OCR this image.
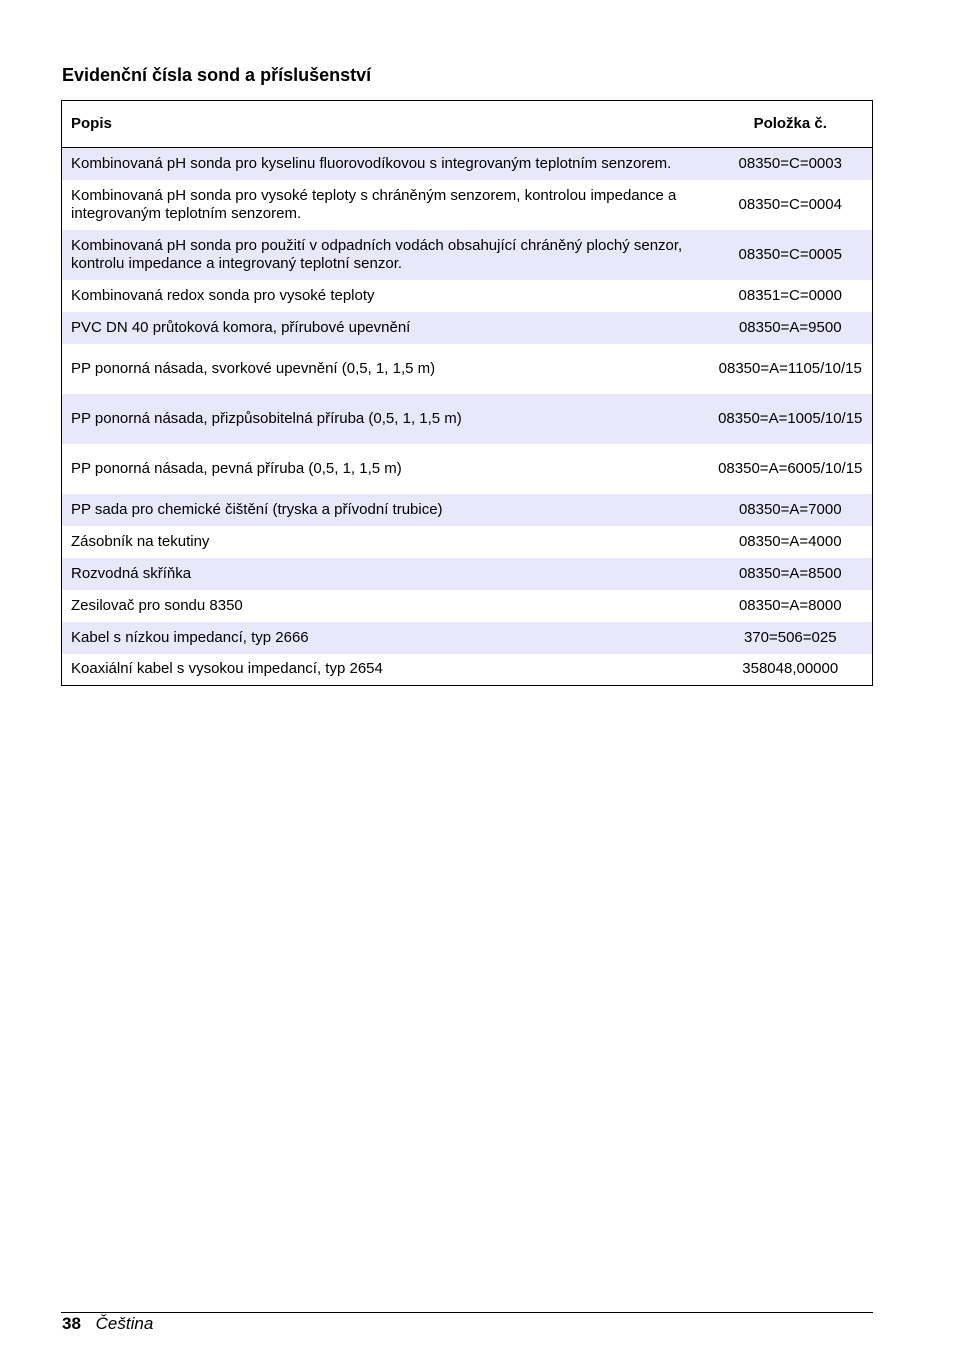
Evidenční čísla sond a příslušenství
Popis	Položka č.
Kombinovaná pH sonda pro kyselinu fluorovodíkovou s integrovaným teplotním senzorem.	08350=C=0003
Kombinovaná pH sonda pro vysoké teploty s chráněným senzorem, kontrolou impedance a integrovaným teplotním senzorem.	08350=C=0004
Kombinovaná pH sonda pro použití v odpadních vodách obsahující chráněný plochý senzor, kontrolu impedance a integrovaný teplotní senzor.	08350=C=0005
Kombinovaná redox sonda pro vysoké teploty	08351=C=0000
PVC DN 40 průtoková komora, přírubové upevnění	08350=A=9500
PP ponorná násada, svorkové upevnění (0,5, 1, 1,5 m)	08350=A=1105/10/15
PP ponorná násada, přizpůsobitelná příruba (0,5, 1, 1,5 m)	08350=A=1005/10/15
PP ponorná násada, pevná příruba (0,5, 1, 1,5 m)	08350=A=6005/10/15
PP sada pro chemické čištění (tryska a přívodní trubice)	08350=A=7000
Zásobník na tekutiny	08350=A=4000
Rozvodná skříňka	08350=A=8500
Zesilovač pro sondu 8350	08350=A=8000
Kabel s nízkou impedancí, typ 2666	370=506=025
Koaxiální kabel s vysokou impedancí, typ 2654	358048,00000
38 Čeština
